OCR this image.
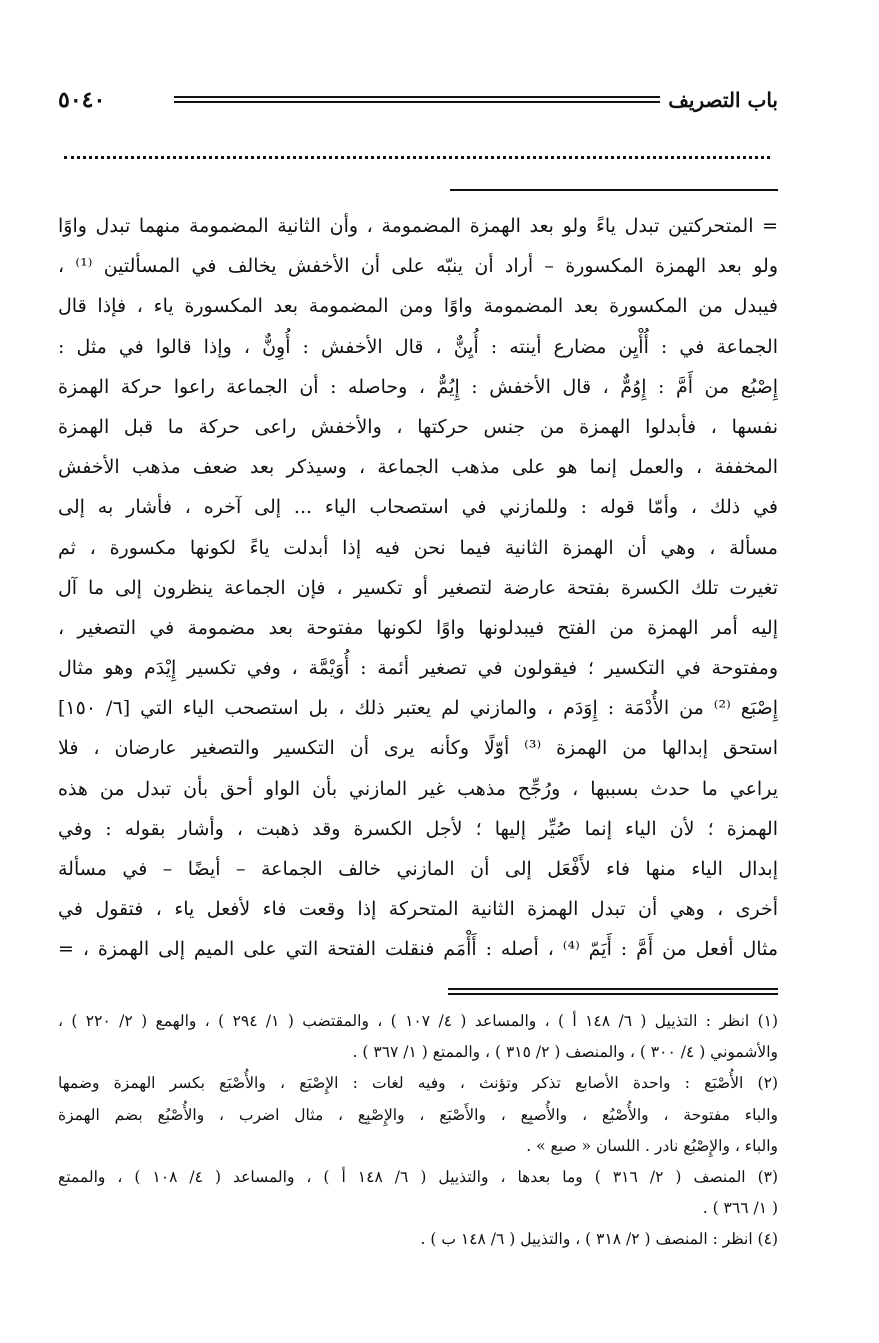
باب التصريف
٥٠٤٠
= المتحركتين تبدل ياءً ولو بعد الهمزة المضمومة ، وأن الثانية المضمومة منهما تبدل واوًا
ولو بعد الهمزة المكسورة – أراد أن ينبّه على أن الأخفش يخالف في المسألتين ⁽¹⁾ ،
فيبدل من المكسورة بعد المضمومة واوًا ومن المضمومة بعد المكسورة ياء ، فإذا قال
الجماعة في : أُأْيِن مضارع أينته : أُيِنٌّ ، قال الأخفش : أُوِنٌّ ، وإذا قالوا في مثل :
إِصْبُع من أَمَّ : إِوُمٌّ ، قال الأخفش : إِيُمٌّ ، وحاصله : أن الجماعة راعوا حركة الهمزة
نفسها ، فأبدلوا الهمزة من جنس حركتها ، والأخفش راعى حركة ما قبل الهمزة
المخففة ، والعمل إنما هو على مذهب الجماعة ، وسيذكر بعد ضعف مذهب الأخفش
في ذلك ، وأمّا قوله : وللمازني في استصحاب الياء ... إلى آخره ، فأشار به إلى
مسألة ، وهي أن الهمزة الثانية فيما نحن فيه إذا أبدلت ياءً لكونها مكسورة ، ثم
تغيرت تلك الكسرة بفتحة عارضة لتصغير أو تكسير ، فإن الجماعة ينظرون إلى ما آل
إليه أمر الهمزة من الفتح فيبدلونها واوًا لكونها مفتوحة بعد مضمومة في التصغير ،
ومفتوحة في التكسير ؛ فيقولون في تصغير أئمة : أُوَيْمَّة ، وفي تكسير إِيْدَم وهو مثال
إِصْبَع ⁽²⁾ من الأُدْمَة : إِوَدَم ، والمازني لم يعتبر ذلك ، بل استصحب الياء التي [٦/ ١٥٠]
استحق إبدالها من الهمزة ⁽³⁾ أوّلًا وكأنه يرى أن التكسير والتصغير عارضان ، فلا
يراعي ما حدث بسببها ، ورُجِّح مذهب غير المازني بأن الواو أحق بأن تبدل من هذه
الهمزة ؛ لأن الياء إنما صُيِّر إليها ؛ لأجل الكسرة وقد ذهبت ، وأشار بقوله : وفي
إبدال الياء منها فاء لأَفْعَل إلى أن المازني خالف الجماعة – أيضًا – في مسألة
أخرى ، وهي أن تبدل الهمزة الثانية المتحركة إذا وقعت فاء لأفعل ياء ، فتقول في
مثال أفعل من أَمَّ : أَيَمّ ⁽⁴⁾ ، أصله : أَأْمَم فنقلت الفتحة التي على الميم إلى الهمزة ، =
(١) انظر : التذييل ( ٦/ ١٤٨ أ ) ، والمساعد ( ٤/ ١٠٧ ) ، والمقتضب ( ١/ ٢٩٤ ) ، والهمع ( ٢/ ٢٢٠ ) ،
والأشموني ( ٤/ ٣٠٠ ) ، والمنصف ( ٢/ ٣١٥ ) ، والممتع ( ١/ ٣٦٧ ) .
(٢) الأُصْبَع : واحدة الأصابع تذكر وتؤنث ، وفيه لغات : الإِصْبَع ، والأُصْبَع بكسر الهمزة وضمها
والباء مفتوحة ، والأُصْبُع ، والأُصبِع ، والأَصْبَع ، والإِصْبِع ، مثال اضرب ، والأُصْبُع بضم الهمزة
والباء ، والإِصْبُع نادر . اللسان « صبع » .
(٣) المنصف ( ٢/ ٣١٦ ) وما بعدها ، والتذييل ( ٦/ ١٤٨ أ ) ، والمساعد ( ٤/ ١٠٨ ) ، والممتع
( ١/ ٣٦٦ ) .
(٤) انظر : المنصف ( ٢/ ٣١٨ ) ، والتذييل ( ٦/ ١٤٨ ب ) .
